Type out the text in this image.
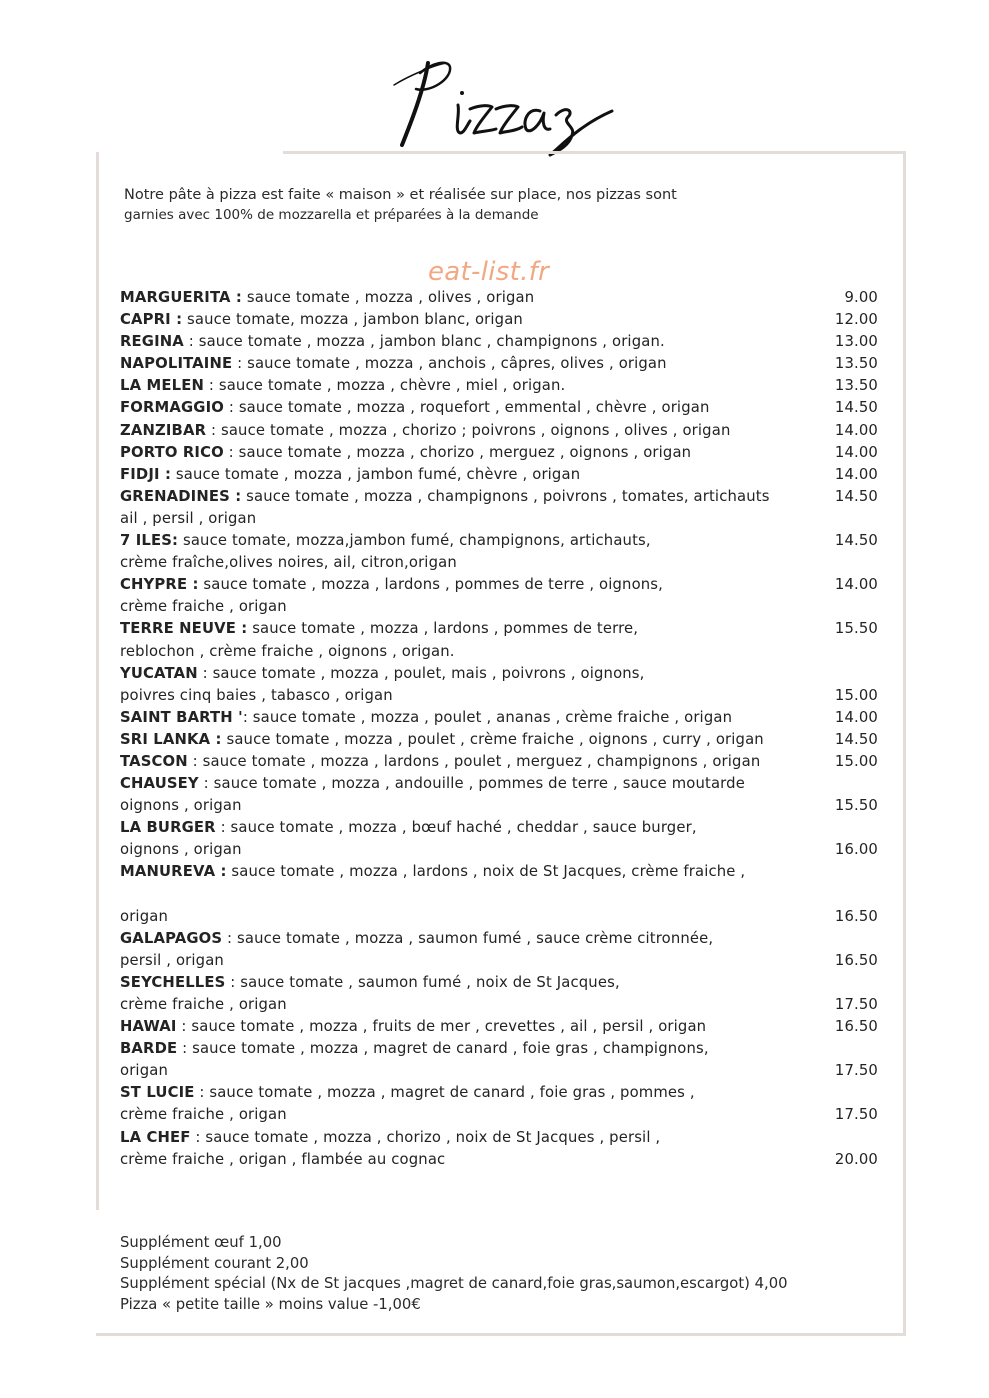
Notre pâte à pizza est faite « maison » et réalisée sur place, nos pizzas sont
garnies avec 100% de mozzarella et préparées à la demande
eat-list.fr
MARGUERITA : sauce tomate , mozza , olives , origan	9.00
CAPRI : sauce tomate, mozza , jambon blanc, origan	12.00
REGINA : sauce tomate , mozza , jambon blanc , champignons , origan.	13.00
NAPOLITAINE : sauce tomate , mozza , anchois , câpres, olives , origan	13.50
LA MELEN : sauce tomate , mozza , chèvre , miel , origan.	13.50
FORMAGGIO : sauce tomate , mozza , roquefort , emmental , chèvre , origan	14.50
ZANZIBAR : sauce tomate , mozza , chorizo ; poivrons , oignons , olives , origan	14.00
PORTO RICO : sauce tomate , mozza , chorizo , merguez , oignons , origan	14.00
FIDJI : sauce tomate , mozza , jambon fumé, chèvre , origan	14.00
GRENADINES : sauce tomate , mozza , champignons , poivrons , tomates, artichauts	14.50
ail , persil , origan
7 ILES: sauce tomate, mozza,jambon fumé, champignons, artichauts,	14.50
crème fraîche,olives noires, ail, citron,origan
CHYPRE : sauce tomate , mozza , lardons , pommes de terre , oignons,	14.00
crème fraiche , origan
TERRE NEUVE : sauce tomate , mozza , lardons , pommes de terre,	15.50
reblochon , crème fraiche , oignons , origan.
YUCATAN : sauce tomate , mozza , poulet, mais , poivrons , oignons,
poivres cinq baies , tabasco , origan	15.00
SAINT BARTH ': sauce tomate , mozza , poulet , ananas , crème fraiche , origan	14.00
SRI LANKA : sauce tomate , mozza , poulet , crème fraiche , oignons , curry , origan	14.50
TASCON : sauce tomate , mozza , lardons , poulet , merguez , champignons , origan	15.00
CHAUSEY : sauce tomate , mozza , andouille , pommes de terre , sauce moutarde
oignons , origan	15.50
LA BURGER : sauce tomate , mozza , bœuf haché , cheddar , sauce burger,
oignons , origan	16.00
MANUREVA : sauce tomate , mozza , lardons , noix de St Jacques, crème fraiche ,
origan	16.50
GALAPAGOS : sauce tomate , mozza , saumon fumé , sauce crème citronnée,
persil , origan	16.50
SEYCHELLES : sauce tomate , saumon fumé , noix de St Jacques,
crème fraiche , origan	17.50
HAWAI : sauce tomate , mozza , fruits de mer , crevettes , ail , persil , origan	16.50
BARDE : sauce tomate , mozza , magret de canard , foie gras , champignons,
origan	17.50
ST LUCIE : sauce tomate , mozza , magret de canard , foie gras , pommes ,
crème fraiche , origan	17.50
LA CHEF : sauce tomate , mozza , chorizo , noix de St Jacques , persil ,
crème fraiche , origan , flambée au cognac	20.00
Supplément œuf 1,00
Supplément courant 2,00
Supplément spécial (Nx de St jacques ,magret de canard,foie gras,saumon,escargot) 4,00
Pizza « petite taille » moins value -1,00€
